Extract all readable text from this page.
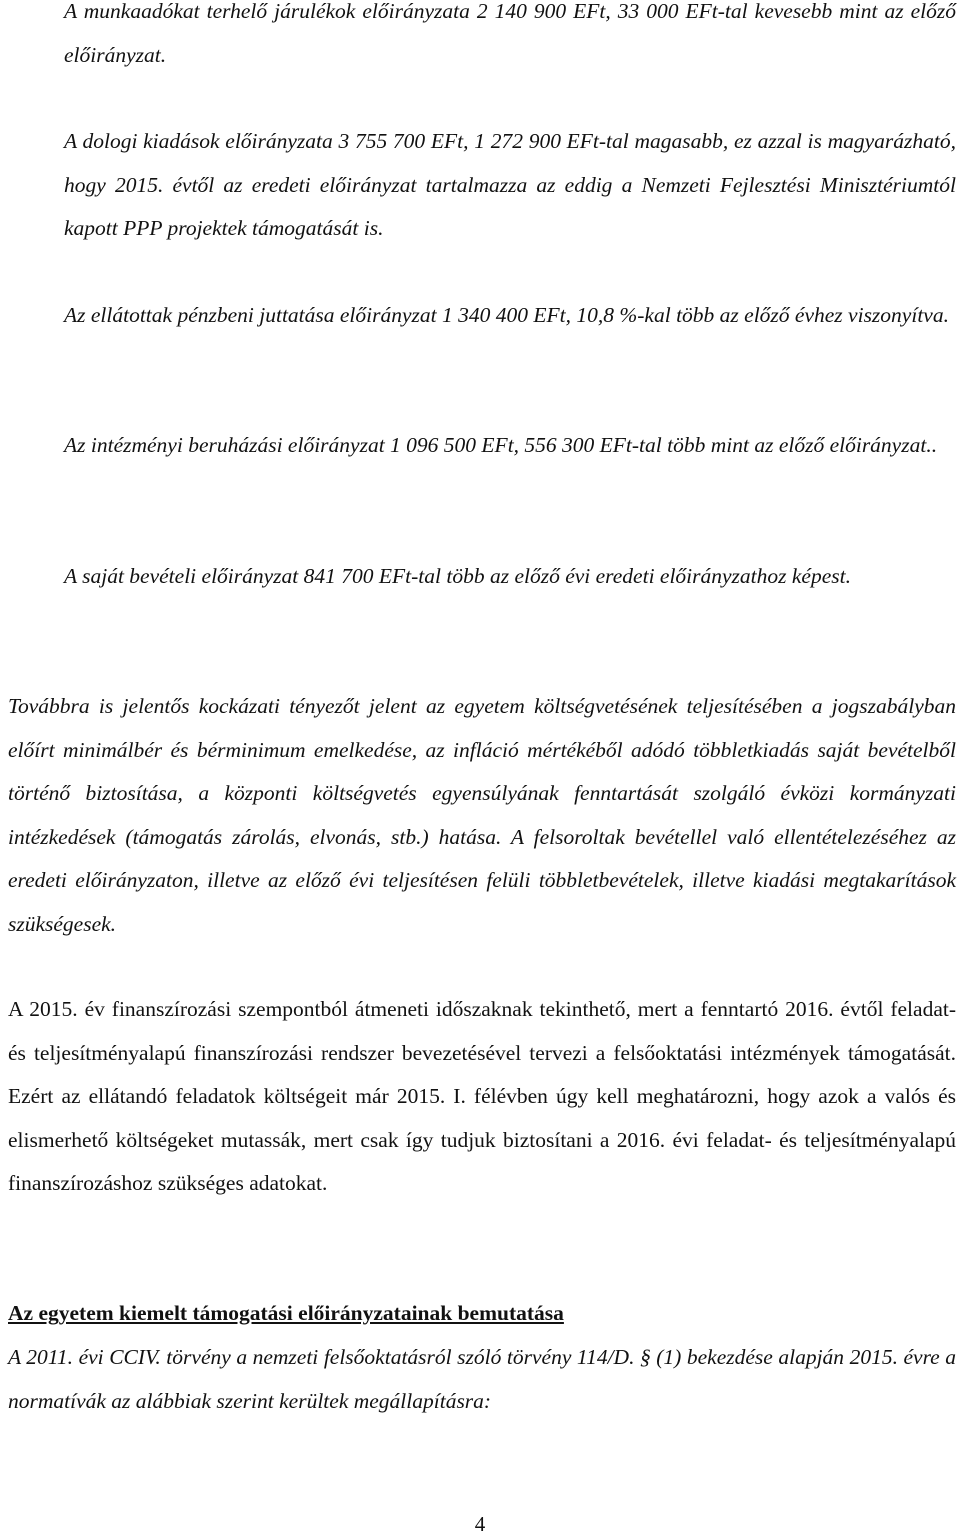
A munkaadókat terhelő járulékok előirányzata 2 140 900 EFt, 33 000 EFt-tal kevesebb mint az előző előirányzat.

A dologi kiadások előirányzata 3 755 700 EFt, 1 272 900 EFt-tal magasabb, ez azzal is magyarázható, hogy 2015. évtől az eredeti előirányzat tartalmazza az eddig a Nemzeti Fejlesztési Minisztériumtól kapott PPP projektek támogatását is.

Az ellátottak pénzbeni juttatása előirányzat 1 340 400 EFt, 10,8 %-kal több az előző évhez viszonyítva.

Az intézményi beruházási előirányzat 1 096 500 EFt, 556 300 EFt-tal több mint az előző előirányzat..

A saját bevételi előirányzat 841 700 EFt-tal több az előző évi eredeti előirányzathoz képest.

Továbbra is jelentős kockázati tényezőt jelent az egyetem költségvetésének teljesítésében a jogszabályban előírt minimálbér és bérminimum emelkedése, az infláció mértékéből adódó többletkiadás saját bevételből történő biztosítása, a központi költségvetés egyensúlyának fenntartását szolgáló évközi kormányzati intézkedések (támogatás zárolás, elvonás, stb.) hatása. A felsoroltak bevétellel való ellentételezéséhez az eredeti előirányzaton, illetve az előző évi teljesítésen felüli többletbevételek, illetve kiadási megtakarítások szükségesek.

A 2015. év finanszírozási szempontból átmeneti időszaknak tekinthető, mert a fenntartó 2016. évtől feladat- és teljesítményalapú finanszírozási rendszer bevezetésével tervezi a felsőoktatási intézmények támogatását. Ezért az ellátandó feladatok költségeit már 2015. I. félévben úgy kell meghatározni, hogy azok a valós és elismerhető költségeket mutassák, mert csak így tudjuk biztosítani a 2016. évi feladat- és teljesítményalapú finanszírozáshoz szükséges adatokat.

Az egyetem kiemelt támogatási előirányzatainak bemutatása

A 2011. évi CCIV. törvény a nemzeti felsőoktatásról szóló törvény 114/D. § (1) bekezdése alapján 2015. évre a normatívák az alábbiak szerint kerültek megállapításra:

4
